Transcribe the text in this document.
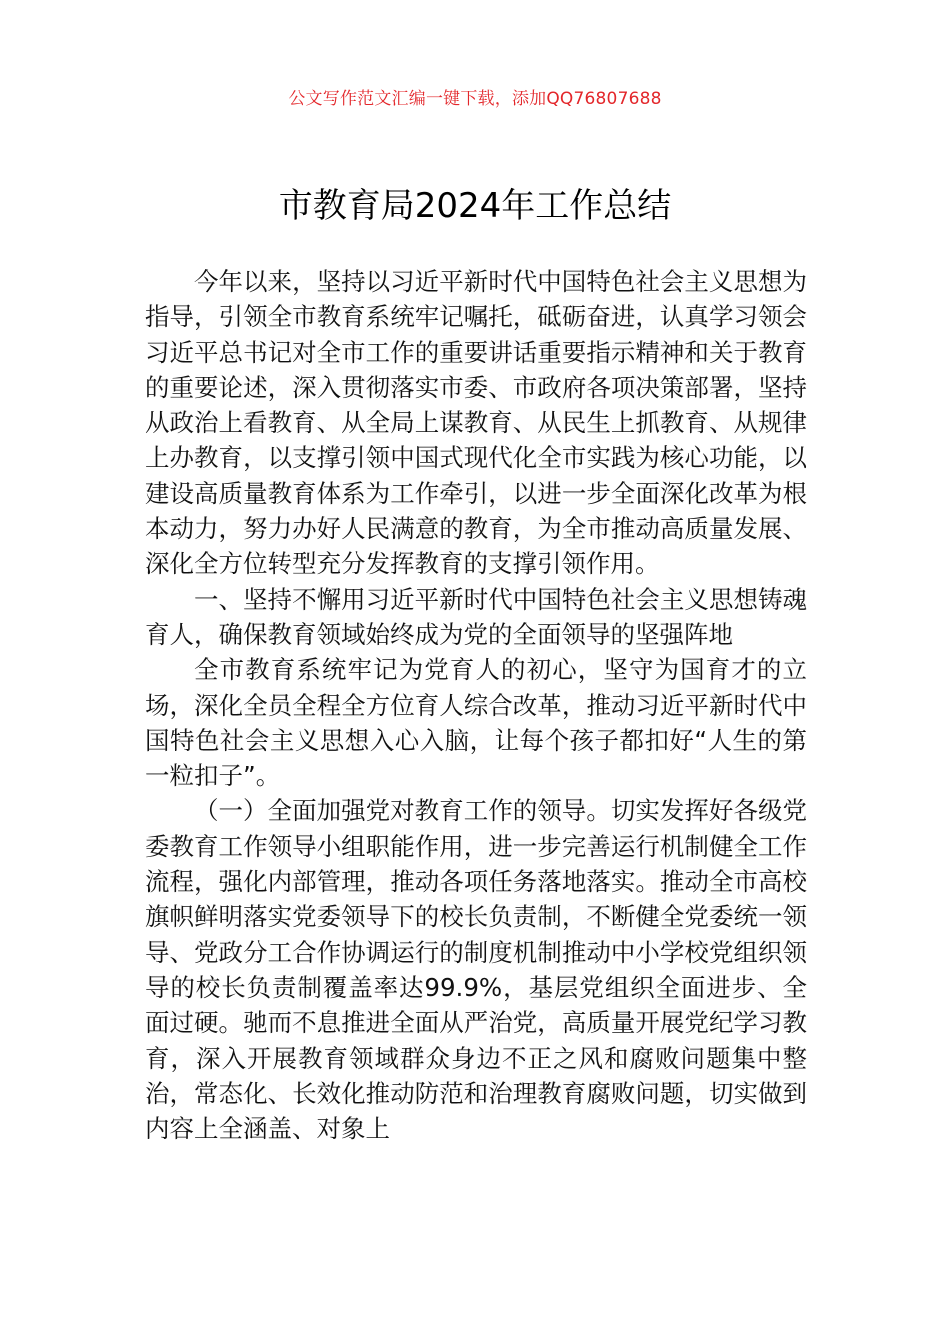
公文写作范文汇编一键下载，添加QQ76807688
市教育局2024年工作总结

今年以来，坚持以习近平新时代中国特色社会主义思想为指导，引领全市教育系统牢记嘱托，砥砺奋进，认真学习领会习近平总书记对全市工作的重要讲话重要指示精神和关于教育的重要论述，深入贯彻落实市委、市政府各项决策部署，坚持从政治上看教育、从全局上谋教育、从民生上抓教育、从规律上办教育，以支撑引领中国式现代化全市实践为核心功能，以建设高质量教育体系为工作牵引，以进一步全面深化改革为根本动力，努力办好人民满意的教育，为全市推动高质量发展、深化全方位转型充分发挥教育的支撑引领作用。

一、坚持不懈用习近平新时代中国特色社会主义思想铸魂育人，确保教育领域始终成为党的全面领导的坚强阵地

全市教育系统牢记为党育人的初心，坚守为国育才的立场，深化全员全程全方位育人综合改革，推动习近平新时代中国特色社会主义思想入心入脑，让每个孩子都扣好“人生的第一粒扣子”。

（一）全面加强党对教育工作的领导。切实发挥好各级党委教育工作领导小组职能作用，进一步完善运行机制健全工作流程，强化内部管理，推动各项任务落地落实。推动全市高校旗帜鲜明落实党委领导下的校长负责制，不断健全党委统一领导、党政分工合作协调运行的制度机制推动中小学校党组织领导的校长负责制覆盖率达99.9%，基层党组织全面进步、全面过硬。驰而不息推进全面从严治党，高质量开展党纪学习教育，深入开展教育领域群众身边不正之风和腐败问题集中整治，常态化、长效化推动防范和治理教育腐败问题，切实做到内容上全涵盖、对象上
